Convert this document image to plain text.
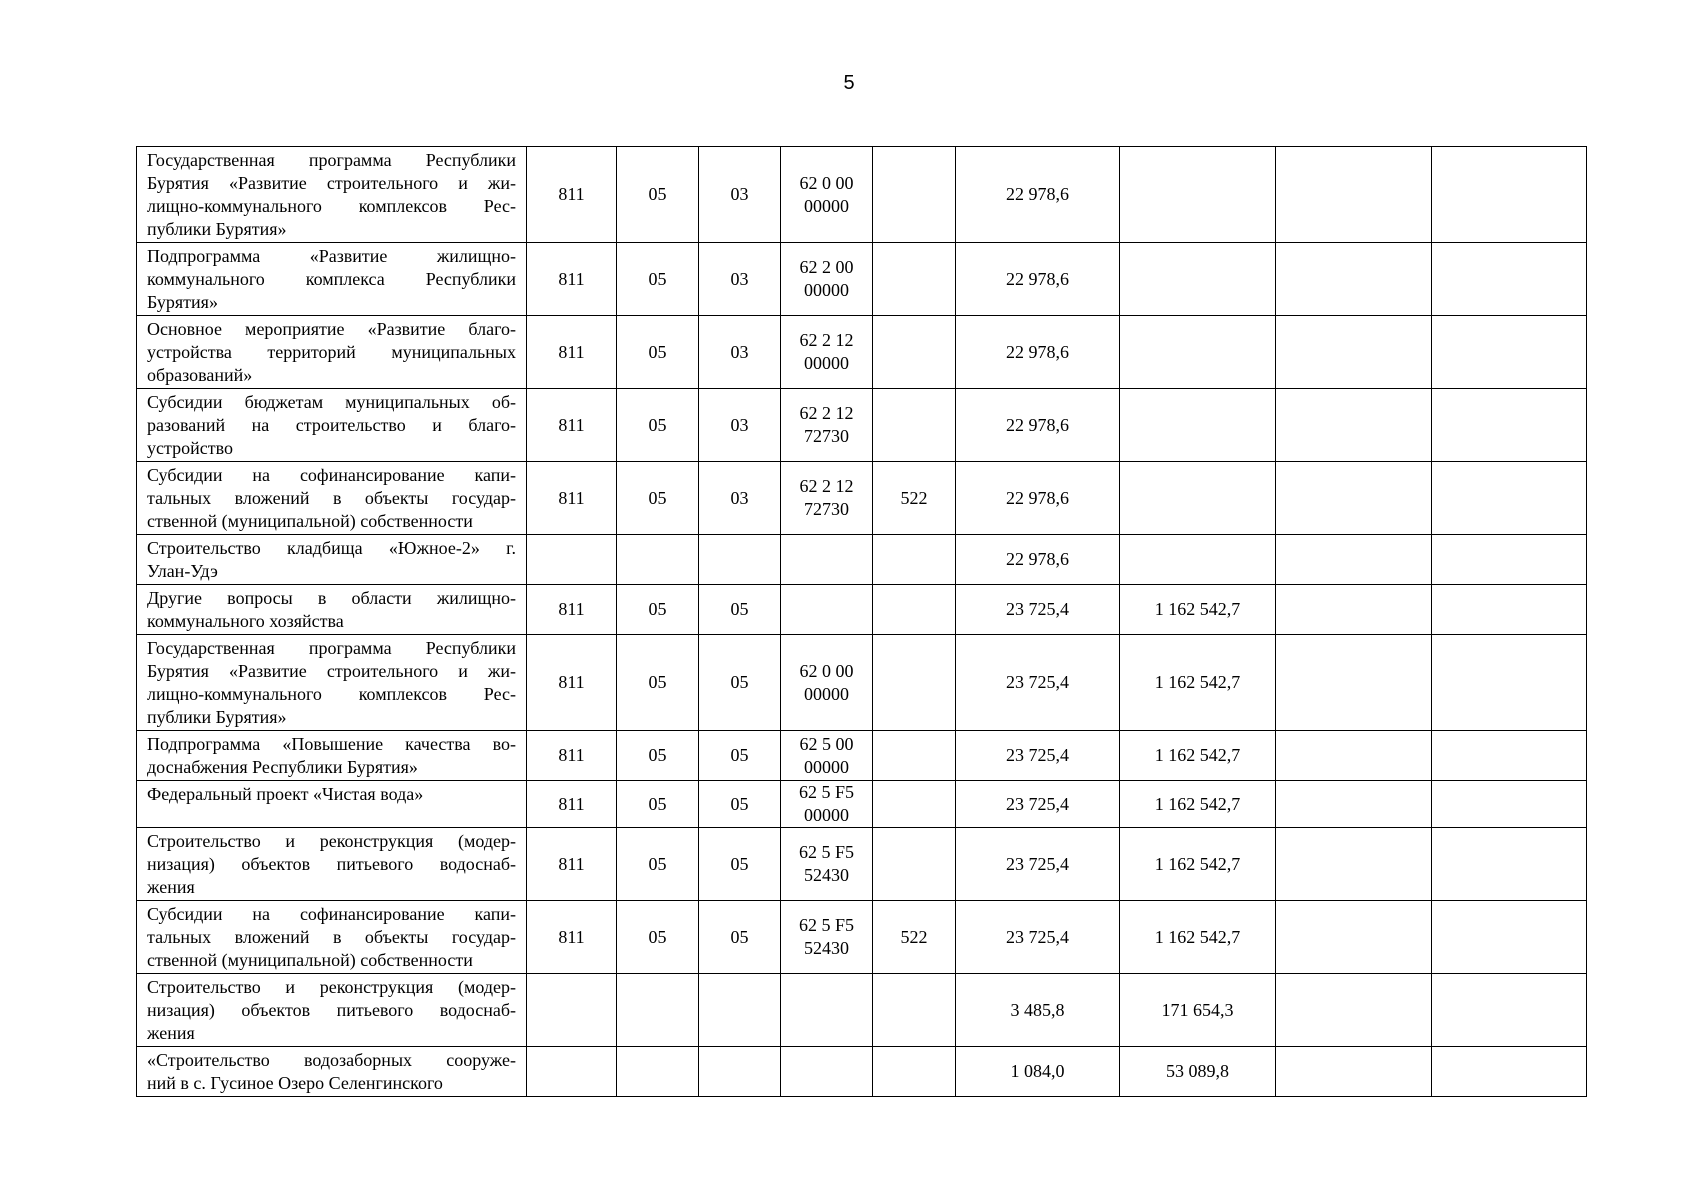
5
Государственная программа Республики
Бурятия «Развитие строительного и жи-
лищно-коммунального комплексов Рес-
публики Бурятия»	811	05	03	62 0 00
00000		22 978,6			

Подпрограмма «Развитие жилищно-
коммунального комплекса Республики
Бурятия»	811	05	03	62 2 00
00000		22 978,6			

Основное мероприятие «Развитие благо-
устройства территорий муниципальных
образований»	811	05	03	62 2 12
00000		22 978,6			

Субсидии бюджетам муниципальных об-
разований на строительство и благо-
устройство	811	05	03	62 2 12
72730		22 978,6			

Субсидии на софинансирование капи-
тальных вложений в объекты государ-
ственной (муниципальной) собственности	811	05	03	62 2 12
72730	522	22 978,6			

Строительство кладбища «Южное-2» г.
Улан-Удэ						22 978,6			

Другие вопросы в области жилищно-
коммунального хозяйства	811	05	05			23 725,4	1 162 542,7		

Государственная программа Республики
Бурятия «Развитие строительного и жи-
лищно-коммунального комплексов Рес-
публики Бурятия»	811	05	05	62 0 00
00000		23 725,4	1 162 542,7		

Подпрограмма «Повышение качества во-
доснабжения Республики Бурятия»	811	05	05	62 5 00
00000		23 725,4	1 162 542,7		

Федеральный проект «Чистая вода»	811	05	05	62 5 F5
00000		23 725,4	1 162 542,7		

Строительство и реконструкция (модер-
низация) объектов питьевого водоснаб-
жения	811	05	05	62 5 F5
52430		23 725,4	1 162 542,7		

Субсидии на софинансирование капи-
тальных вложений в объекты государ-
ственной (муниципальной) собственности	811	05	05	62 5 F5
52430	522	23 725,4	1 162 542,7		

Строительство и реконструкция (модер-
низация) объектов питьевого водоснаб-
жения						3 485,8	171 654,3		

«Строительство водозаборных сооруже-
ний в с. Гусиное Озеро Селенгинского						1 084,0	53 089,8		
